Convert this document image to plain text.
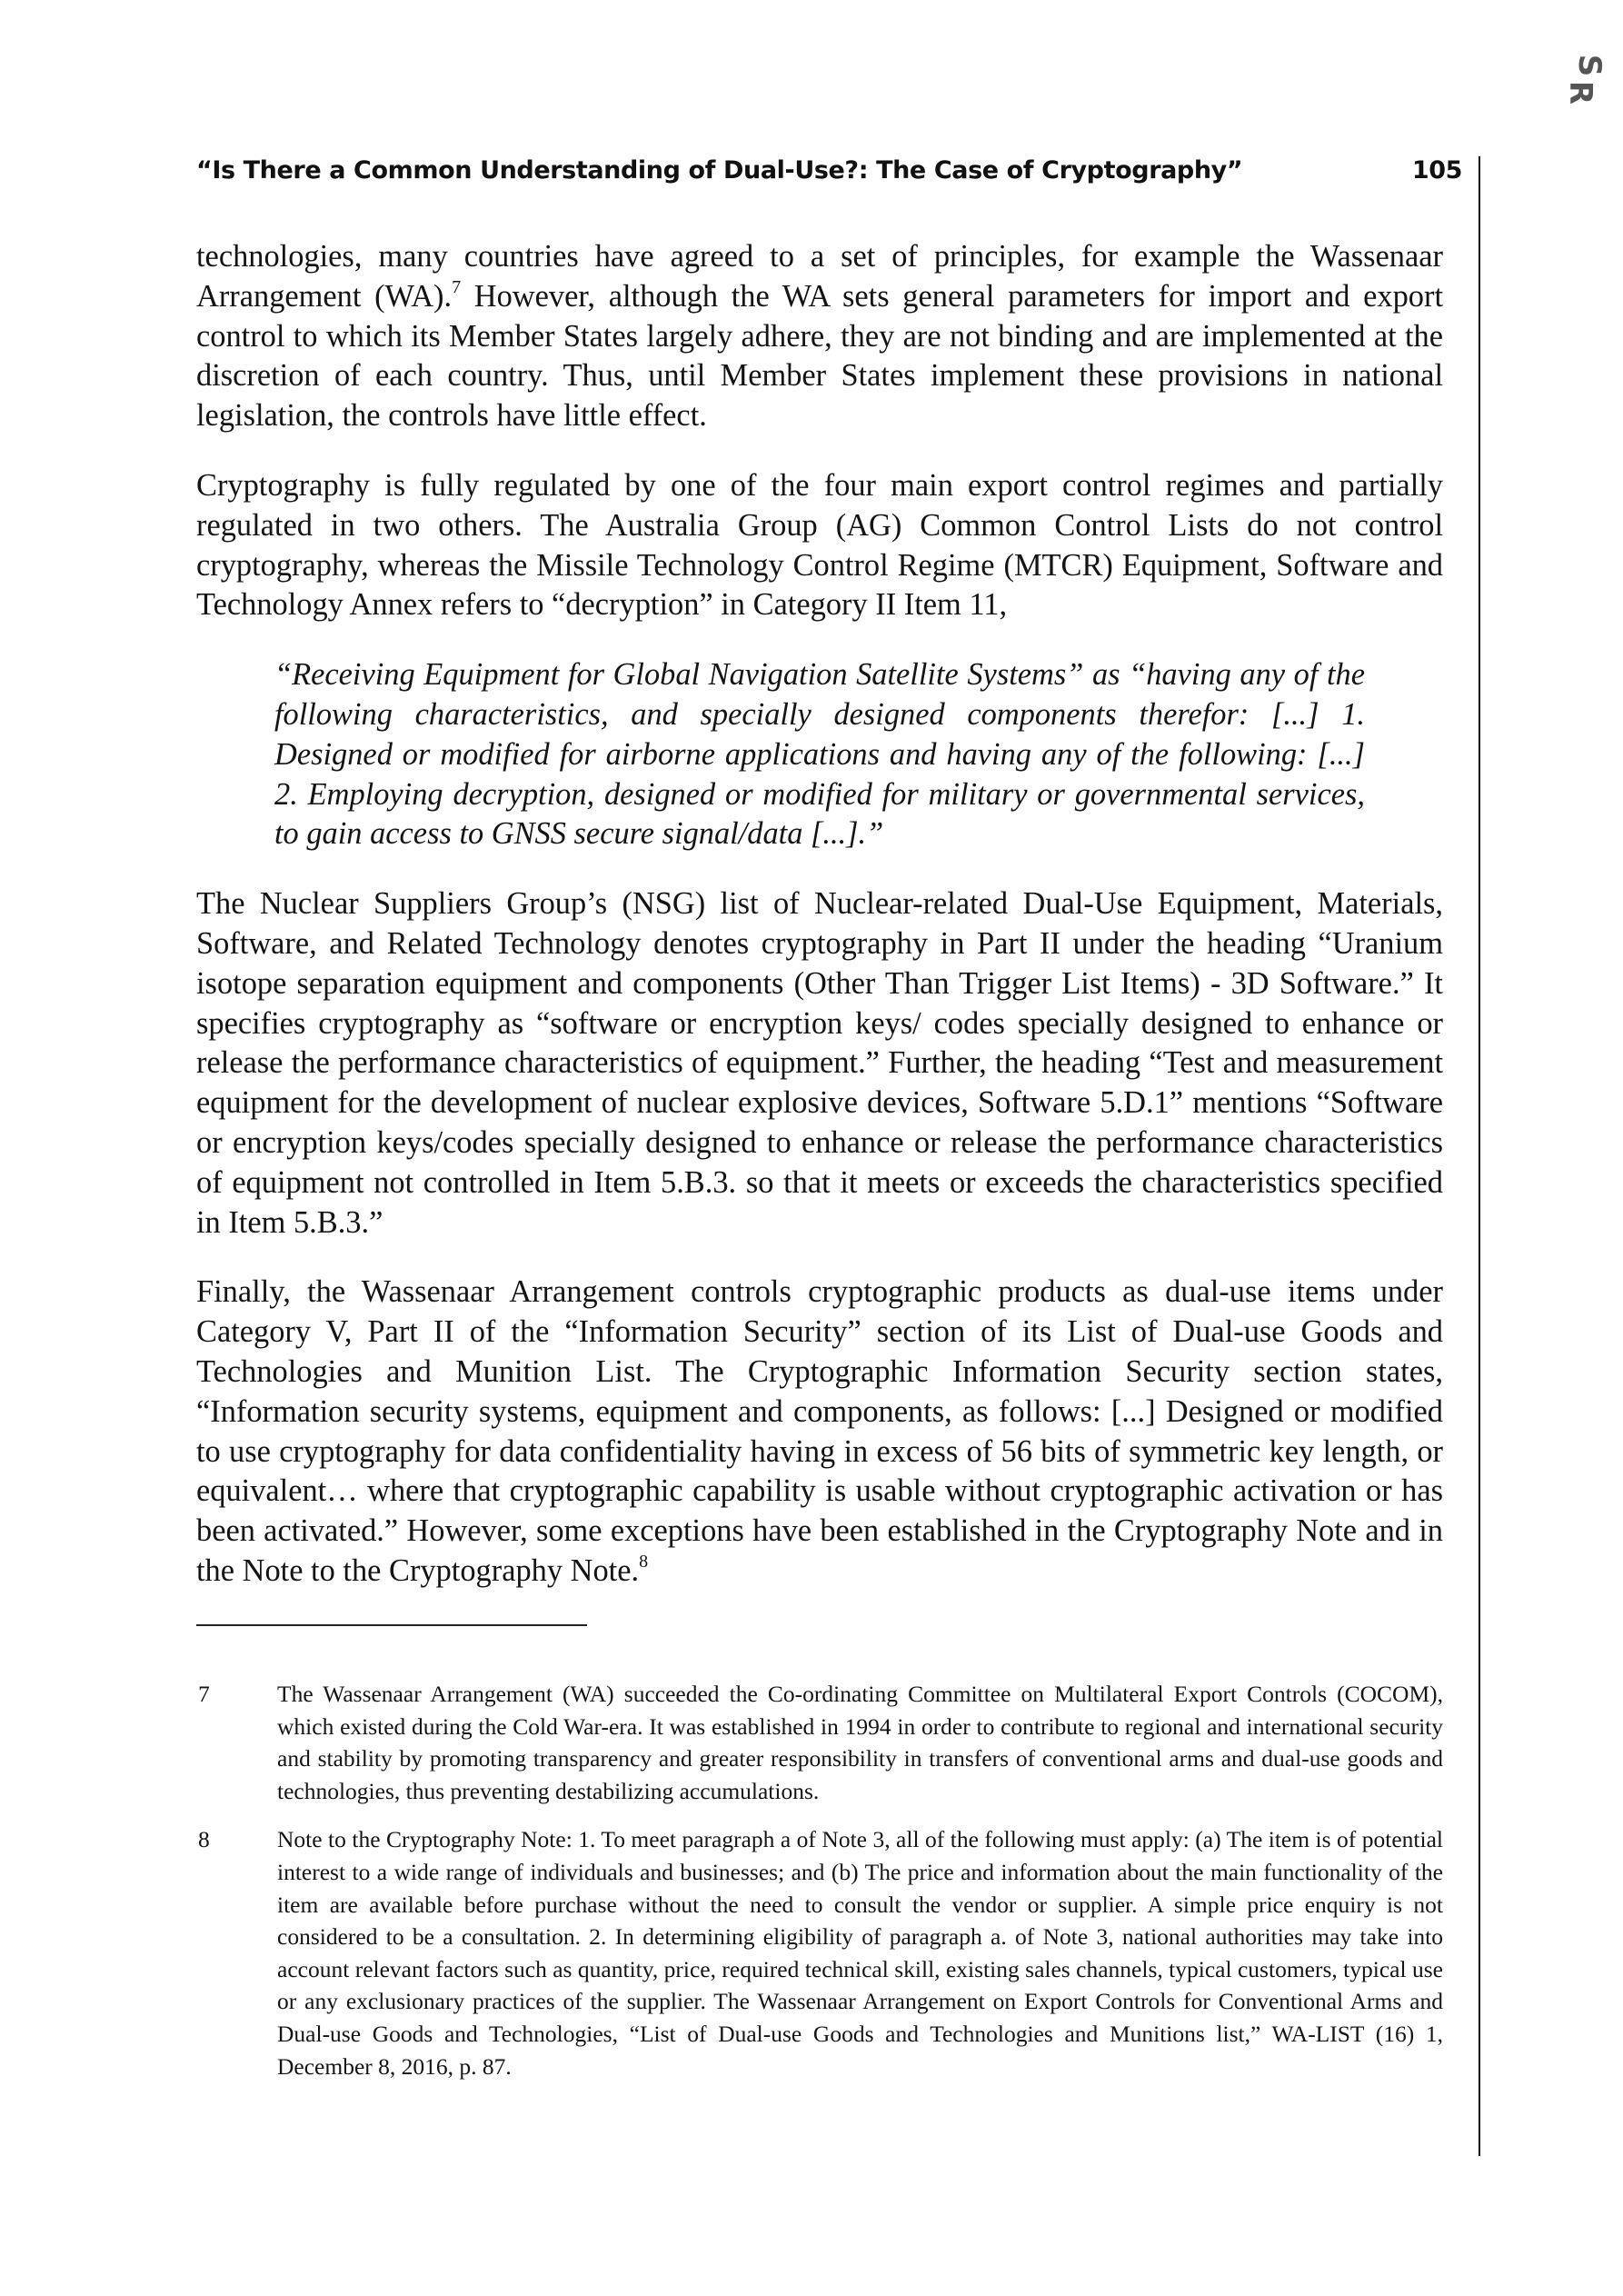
S
R
“Is There a Common Understanding of Dual-Use?: The Case of Cryptography”	105

technologies, many countries have agreed to a set of principles, for example the Wassenaar Arrangement (WA).$^7$ However, although the WA sets general parameters for import and export control to which its Member States largely adhere, they are not binding and are implemented at the discretion of each country. Thus, until Member States implement these provisions in national legislation, the controls have little effect.

Cryptography is fully regulated by one of the four main export control regimes and partially regulated in two others. The Australia Group (AG) Common Control Lists do not control cryptography, whereas the Missile Technology Control Regime (MTCR) Equipment, Software and Technology Annex refers to “decryption” in Category II Item 11,

“Receiving Equipment for Global Navigation Satellite Systems” as “having any of the following characteristics, and specially designed components therefor: [...] 1. Designed or modified for airborne applications and having any of the following: [...] 2. Employing decryption, designed or modified for military or governmental services, to gain access to GNSS secure signal/data [...].”

The Nuclear Suppliers Group’s (NSG) list of Nuclear-related Dual-Use Equipment, Materials, Software, and Related Technology denotes cryptography in Part II under the heading “Uranium isotope separation equipment and components (Other Than Trigger List Items) - 3D Software.” It specifies cryptography as “software or encryption keys/ codes specially designed to enhance or release the performance characteristics of equipment.” Further, the heading “Test and measurement equipment for the development of nuclear explosive devices, Software 5.D.1” mentions “Software or encryption keys/codes specially designed to enhance or release the performance characteristics of equipment not controlled in Item 5.B.3. so that it meets or exceeds the characteristics specified in Item 5.B.3.”

Finally, the Wassenaar Arrangement controls cryptographic products as dual-use items under Category V, Part II of the “Information Security” section of its List of Dual-use Goods and Technologies and Munition List. The Cryptographic Information Security section states, “Information security systems, equipment and components, as follows: [...] Designed or modified to use cryptography for data confidentiality having in excess of 56 bits of symmetric key length, or equivalent… where that cryptographic capability is usable without cryptographic activation or has been activated.” However, some exceptions have been established in the Cryptography Note and in the Note to the Cryptography Note.$^8$

7	The Wassenaar Arrangement (WA) succeeded the Co-ordinating Committee on Multilateral Export Controls (COCOM), which existed during the Cold War-era. It was established in 1994 in order to contribute to regional and international security and stability by promoting transparency and greater responsibility in transfers of conventional arms and dual-use goods and technologies, thus preventing destabilizing accumulations.
8	Note to the Cryptography Note: 1. To meet paragraph a of Note 3, all of the following must apply: (a) The item is of potential interest to a wide range of individuals and businesses; and (b) The price and information about the main functionality of the item are available before purchase without the need to consult the vendor or supplier. A simple price enquiry is not considered to be a consultation. 2. In determining eligibility of paragraph a. of Note 3, national authorities may take into account relevant factors such as quantity, price, required technical skill, existing sales channels, typical customers, typical use or any exclusionary practices of the supplier. The Wassenaar Arrangement on Export Controls for Conventional Arms and Dual-use Goods and Technologies, “List of Dual-use Goods and Technologies and Munitions list,” WA-LIST (16) 1, December 8, 2016, p. 87.
